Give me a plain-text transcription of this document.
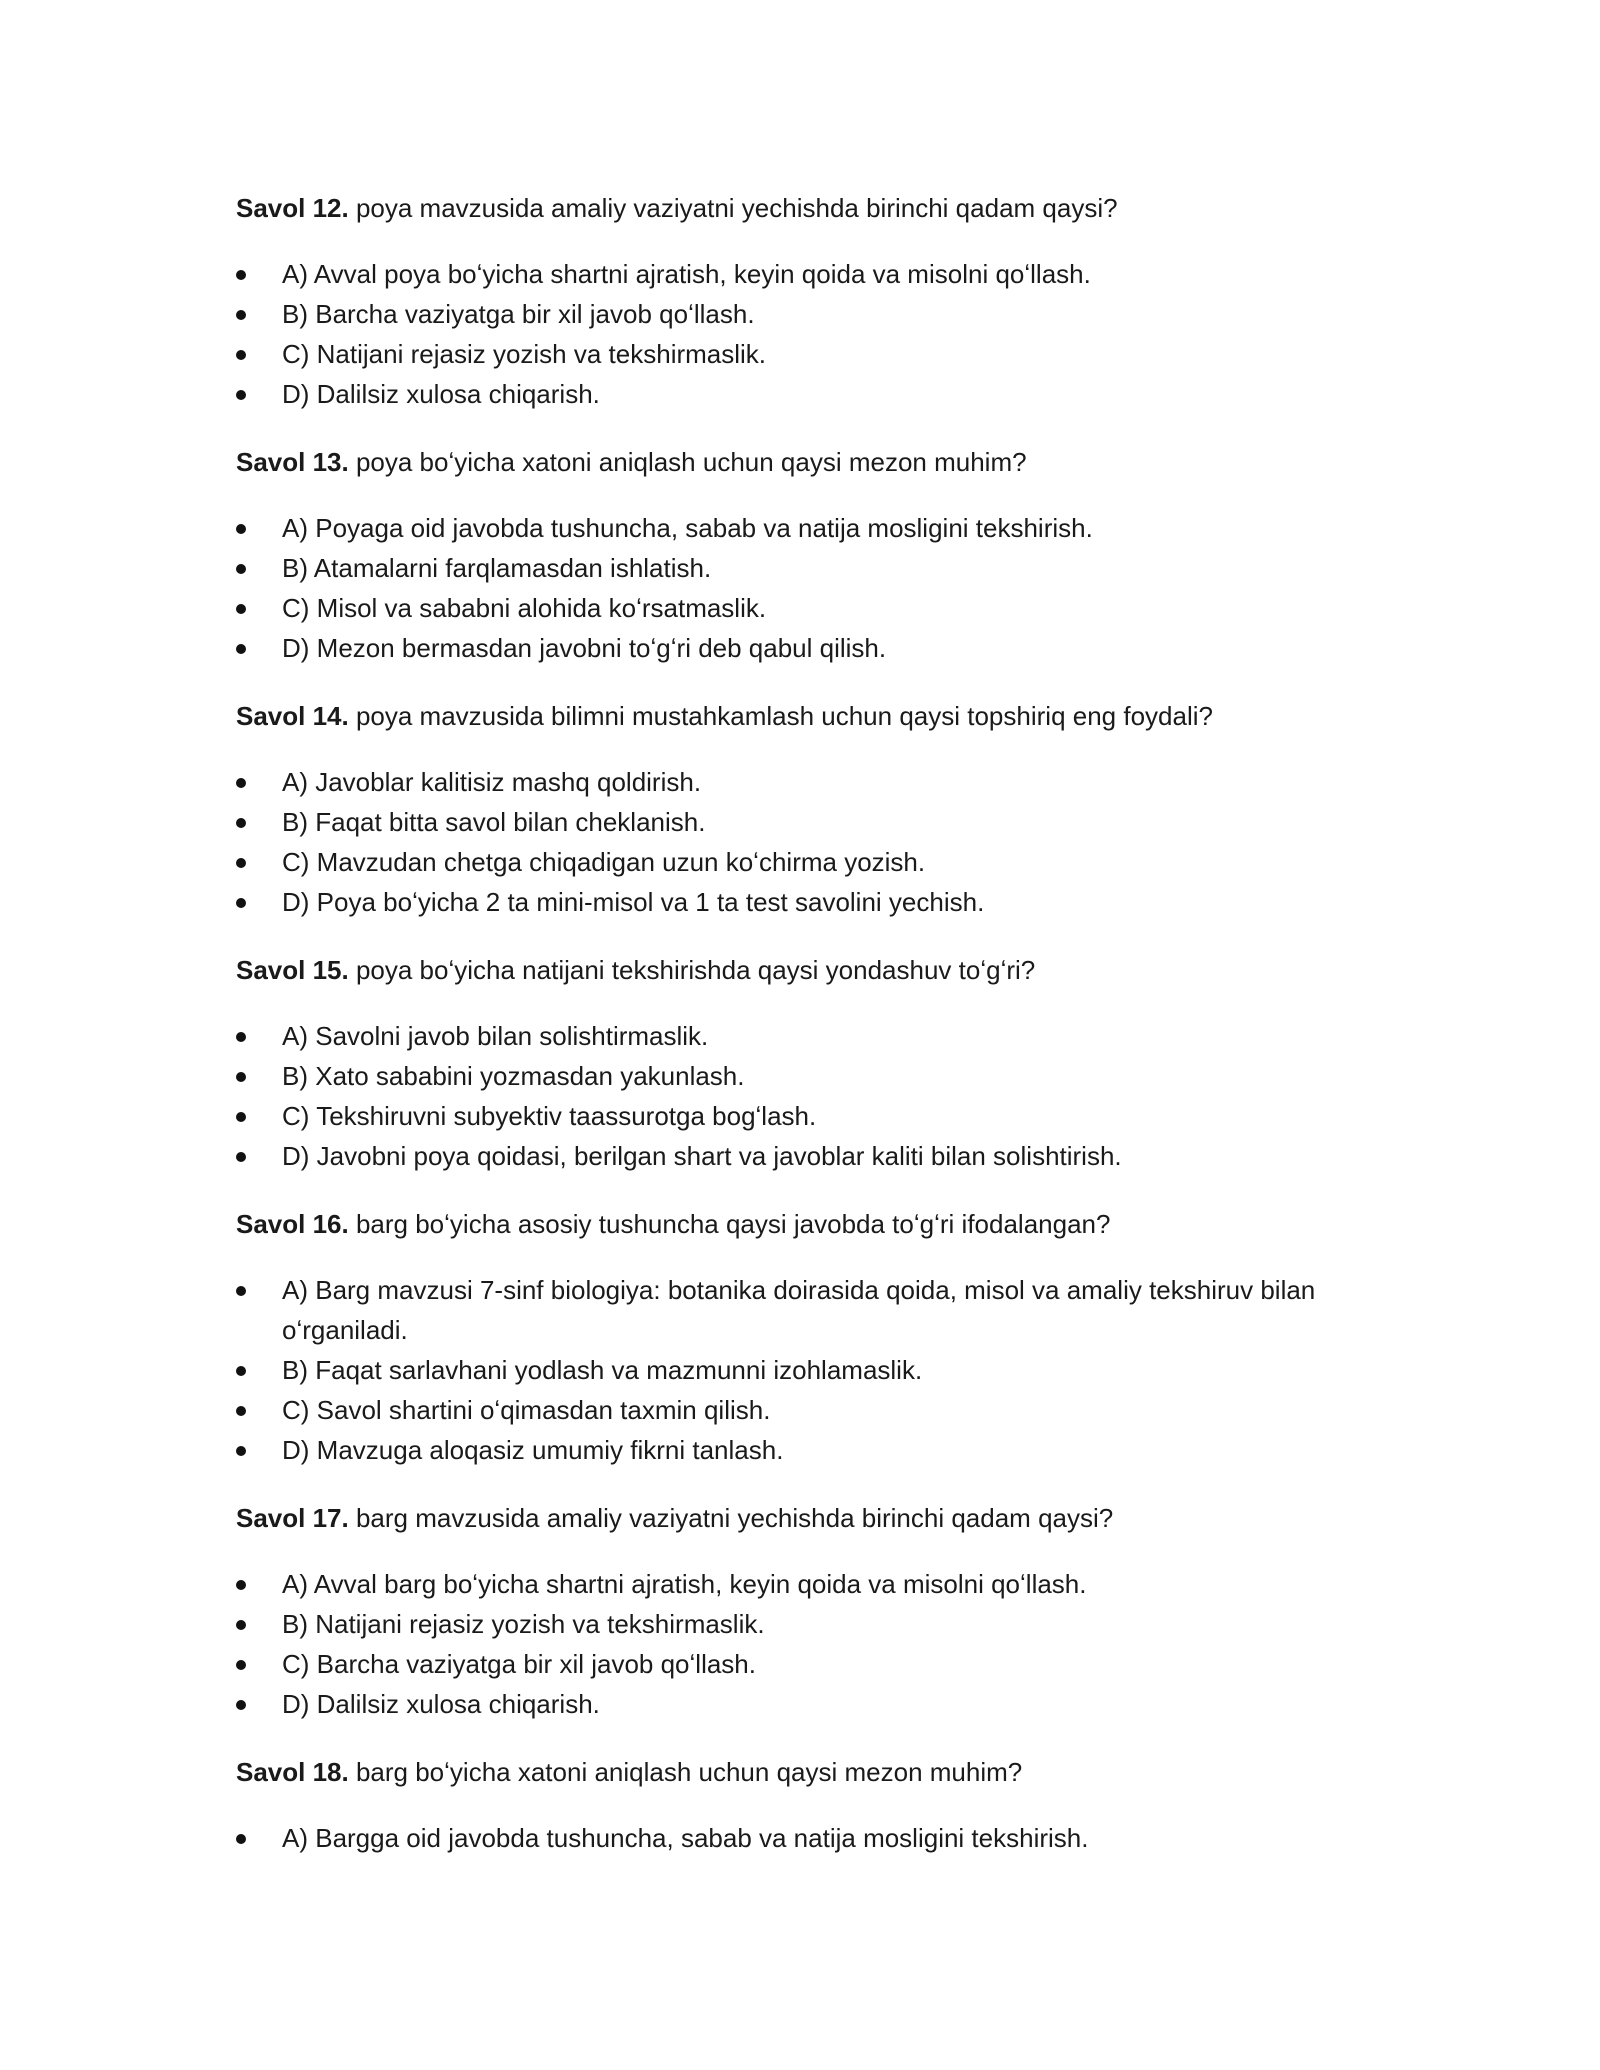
Savol 12. poya mavzusida amaliy vaziyatni yechishda birinchi qadam qaysi?

A) Avval poya boʻyicha shartni ajratish, keyin qoida va misolni qoʻllash.
B) Barcha vaziyatga bir xil javob qoʻllash.
C) Natijani rejasiz yozish va tekshirmaslik.
D) Dalilsiz xulosa chiqarish.

Savol 13. poya boʻyicha xatoni aniqlash uchun qaysi mezon muhim?

A) Poyaga oid javobda tushuncha, sabab va natija mosligini tekshirish.
B) Atamalarni farqlamasdan ishlatish.
C) Misol va sababni alohida koʻrsatmaslik.
D) Mezon bermasdan javobni toʻgʻri deb qabul qilish.

Savol 14. poya mavzusida bilimni mustahkamlash uchun qaysi topshiriq eng foydali?

A) Javoblar kalitisiz mashq qoldirish.
B) Faqat bitta savol bilan cheklanish.
C) Mavzudan chetga chiqadigan uzun koʻchirma yozish.
D) Poya boʻyicha 2 ta mini-misol va 1 ta test savolini yechish.

Savol 15. poya boʻyicha natijani tekshirishda qaysi yondashuv toʻgʻri?

A) Savolni javob bilan solishtirmaslik.
B) Xato sababini yozmasdan yakunlash.
C) Tekshiruvni subyektiv taassurotga bogʻlash.
D) Javobni poya qoidasi, berilgan shart va javoblar kaliti bilan solishtirish.

Savol 16. barg boʻyicha asosiy tushuncha qaysi javobda toʻgʻri ifodalangan?

A) Barg mavzusi 7-sinf biologiya: botanika doirasida qoida, misol va amaliy tekshiruv bilan oʻrganiladi.
B) Faqat sarlavhani yodlash va mazmunni izohlamaslik.
C) Savol shartini oʻqimasdan taxmin qilish.
D) Mavzuga aloqasiz umumiy fikrni tanlash.

Savol 17. barg mavzusida amaliy vaziyatni yechishda birinchi qadam qaysi?

A) Avval barg boʻyicha shartni ajratish, keyin qoida va misolni qoʻllash.
B) Natijani rejasiz yozish va tekshirmaslik.
C) Barcha vaziyatga bir xil javob qoʻllash.
D) Dalilsiz xulosa chiqarish.

Savol 18. barg boʻyicha xatoni aniqlash uchun qaysi mezon muhim?

A) Bargga oid javobda tushuncha, sabab va natija mosligini tekshirish.
